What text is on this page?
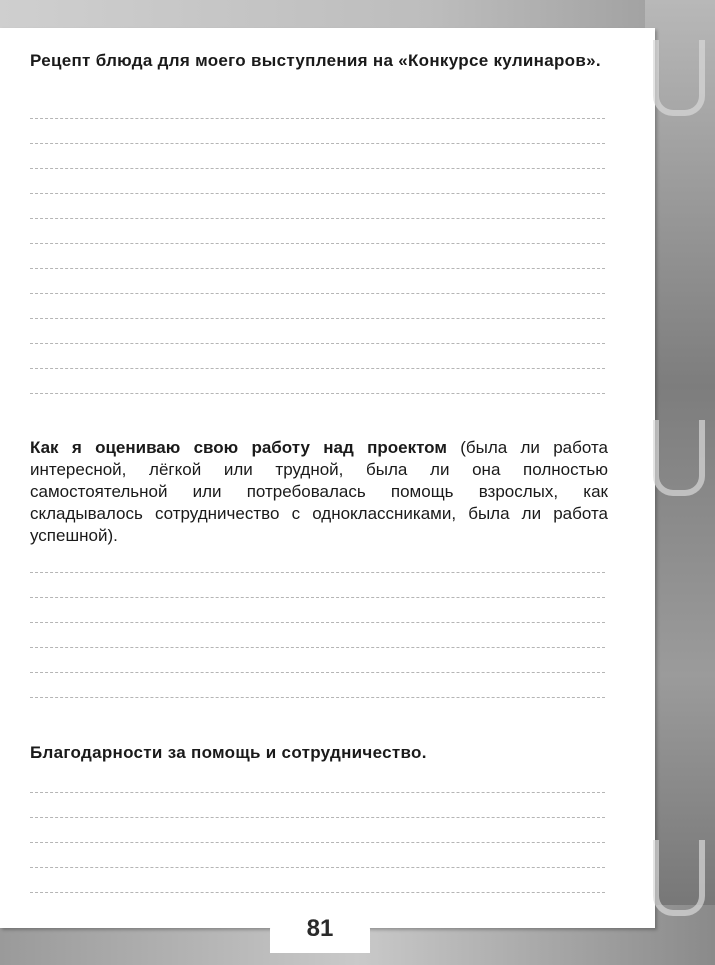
Рецепт блюда для моего выступления на «Конкурсе кулинаров».
Как я оцениваю свою работу над проектом (была ли работа интересной, лёгкой или трудной, была ли она полностью самостоятельной или потребовалась помощь взрослых, как складывалось сотрудничество с одноклассниками, была ли работа успешной).
Благодарности за помощь и сотрудничество.
81
